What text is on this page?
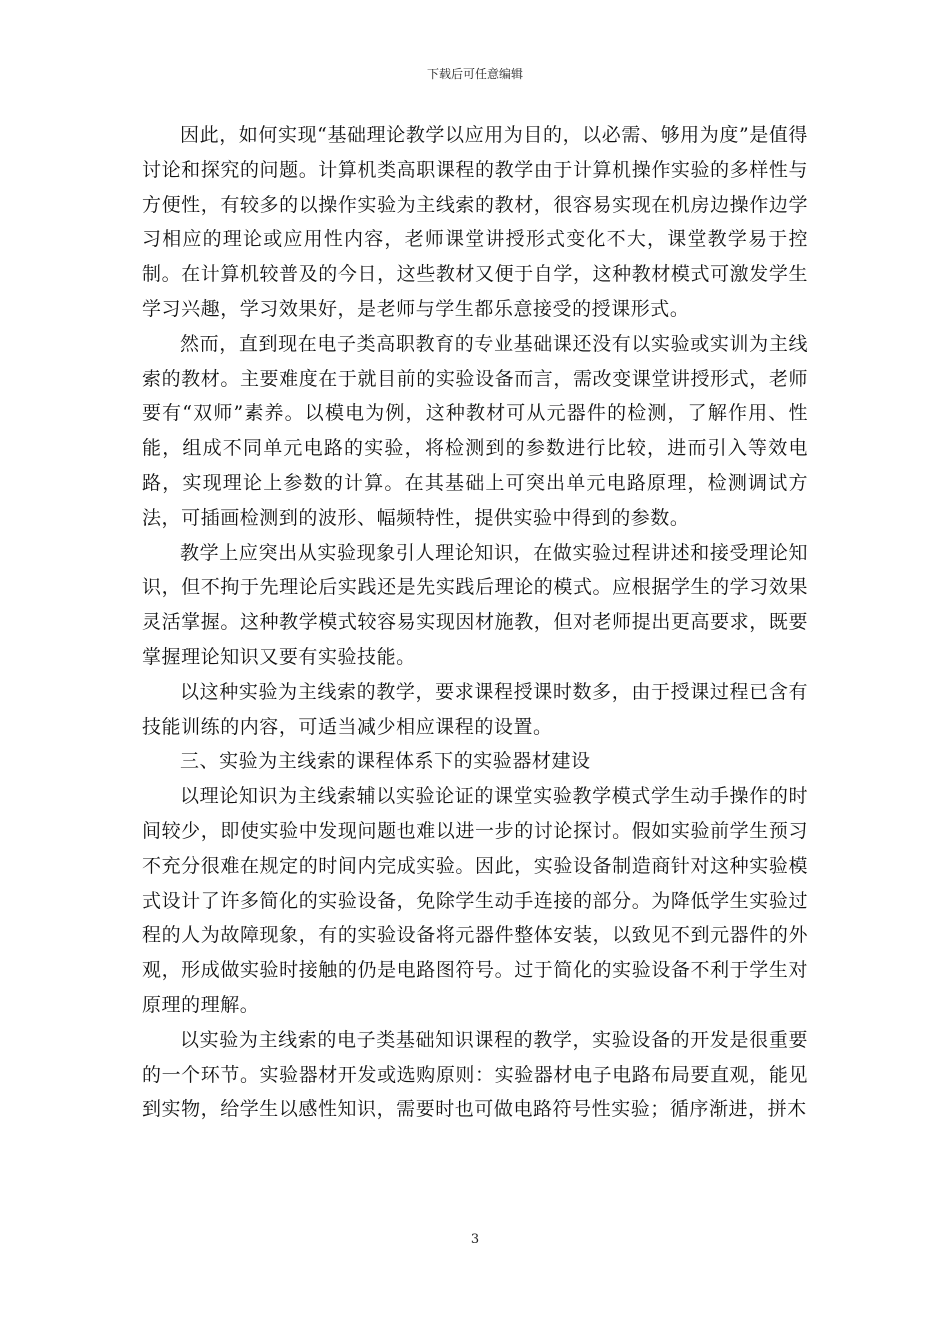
下载后可任意编辑

因此，如何实现“基础理论教学以应用为目的，以必需、够用为度”是值得讨论和探究的问题。计算机类高职课程的教学由于计算机操作实验的多样性与方便性，有较多的以操作实验为主线索的教材，很容易实现在机房边操作边学习相应的理论或应用性内容，老师课堂讲授形式变化不大，课堂教学易于控制。在计算机较普及的今日，这些教材又便于自学，这种教材模式可激发学生学习兴趣，学习效果好，是老师与学生都乐意接受的授课形式。

然而，直到现在电子类高职教育的专业基础课还没有以实验或实训为主线索的教材。主要难度在于就目前的实验设备而言，需改变课堂讲授形式，老师要有“双师”素养。以模电为例，这种教材可从元器件的检测，了解作用、性能，组成不同单元电路的实验，将检测到的参数进行比较，进而引入等效电路，实现理论上参数的计算。在其基础上可突出单元电路原理，检测调试方法，可插画检测到的波形、幅频特性，提供实验中得到的参数。

教学上应突出从实验现象引人理论知识，在做实验过程讲述和接受理论知识，但不拘于先理论后实践还是先实践后理论的模式。应根据学生的学习效果灵活掌握。这种教学模式较容易实现因材施教，但对老师提出更高要求，既要掌握理论知识又要有实验技能。

以这种实验为主线索的教学，要求课程授课时数多，由于授课过程已含有技能训练的内容，可适当减少相应课程的设置。

三、实验为主线索的课程体系下的实验器材建设

以理论知识为主线索辅以实验论证的课堂实验教学模式学生动手操作的时间较少，即使实验中发现问题也难以进一步的讨论探讨。假如实验前学生预习不充分很难在规定的时间内完成实验。因此，实验设备制造商针对这种实验模式设计了许多简化的实验设备，免除学生动手连接的部分。为降低学生实验过程的人为故障现象，有的实验设备将元器件整体安装，以致见不到元器件的外观，形成做实验时接触的仍是电路图符号。过于简化的实验设备不利于学生对原理的理解。

以实验为主线索的电子类基础知识课程的教学，实验设备的开发是很重要的一个环节。实验器材开发或选购原则：实验器材电子电路布局要直观，能见到实物，给学生以感性知识，需要时也可做电路符号性实验；循序渐进，拼木

3
